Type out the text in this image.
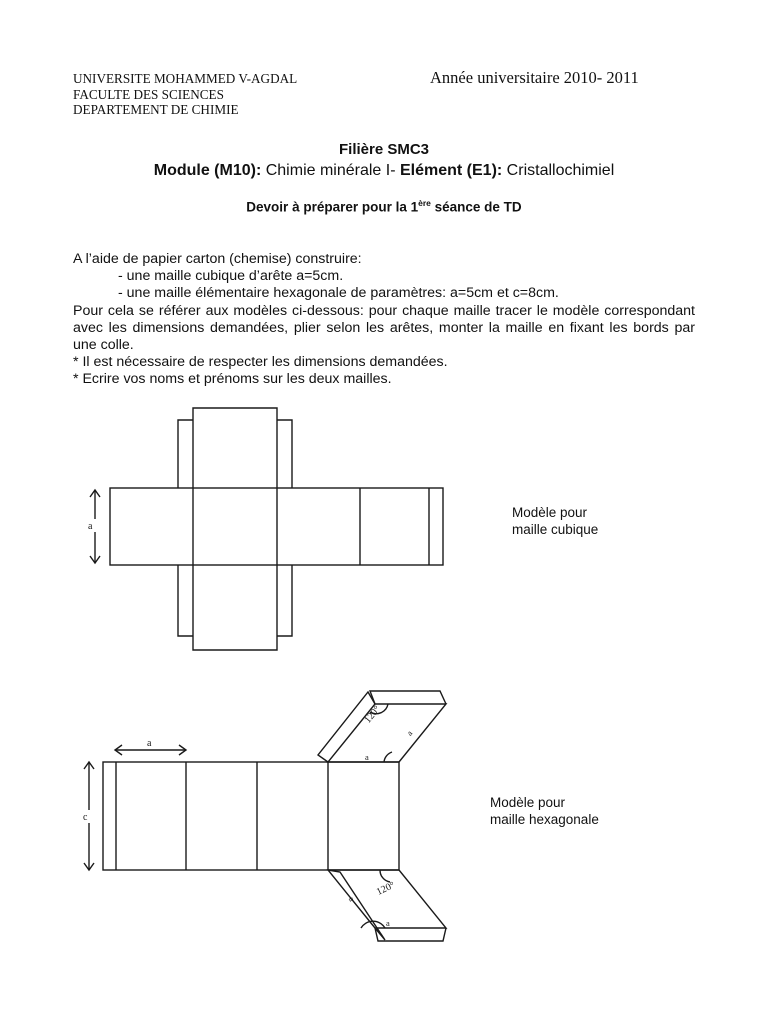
UNIVERSITE MOHAMMED V-AGDAL
FACULTE DES SCIENCES
DEPARTEMENT DE CHIMIE
Année universitaire 2010- 2011
Filière SMC3
Module (M10): Chimie minérale I- Elément (E1): Cristallochimiel
Devoir à préparer pour la 1ère séance de TD

A l’aide de papier carton (chemise) construire:

- une maille cubique d’arête a=5cm.

- une maille élémentaire hexagonale de paramètres: a=5cm et c=8cm.

Pour cela se référer aux modèles ci-dessous: pour chaque maille tracer le modèle correspondant avec les dimensions demandées, plier selon les arêtes, monter la maille en fixant les bords par une colle.

* Il est nécessaire de respecter les dimensions demandées.

* Ecrire vos noms et prénoms sur les deux mailles.

a
120°
a
a
120°
a
a
a
c
Modèle pour
maille cubique
Modèle pour
maille hexagonale
